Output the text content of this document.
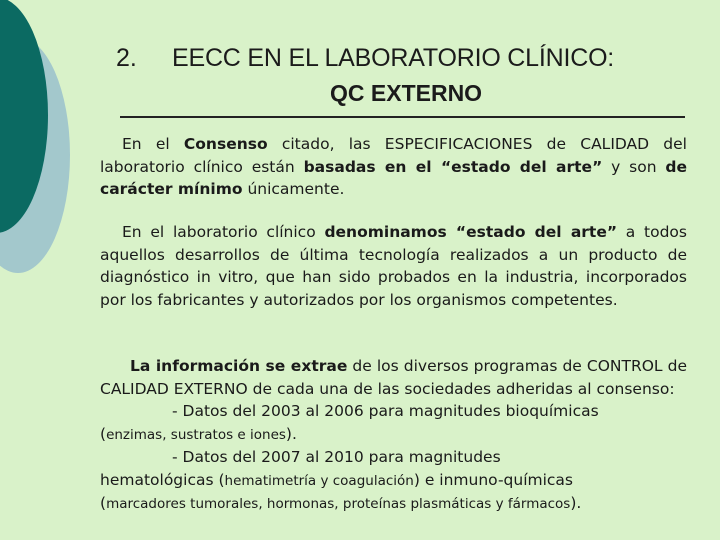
2. EECC EN EL LABORATORIO CLÍNICO:
QC EXTERNO
En el Consenso citado, las ESPECIFICACIONES de CALIDAD del laboratorio clínico están basadas en el “estado del arte” y son de carácter mínimo únicamente.
En el laboratorio clínico denominamos “estado del arte” a todos aquellos desarrollos de última tecnología realizados a un producto de diagnóstico in vitro, que han sido probados en la industria, incorporados por los fabricantes y autorizados por los organismos competentes.
La información se extrae de los diversos programas de CONTROL de CALIDAD EXTERNO de cada una de las sociedades adheridas al consenso:
- Datos del 2003 al 2006 para magnitudes bioquímicas
(enzimas, sustratos e iones).
- Datos del 2007 al 2010 para magnitudes
hematológicas (hematimetría y coagulación) e inmuno-químicas
(marcadores tumorales, hormonas, proteínas plasmáticas y fármacos).
